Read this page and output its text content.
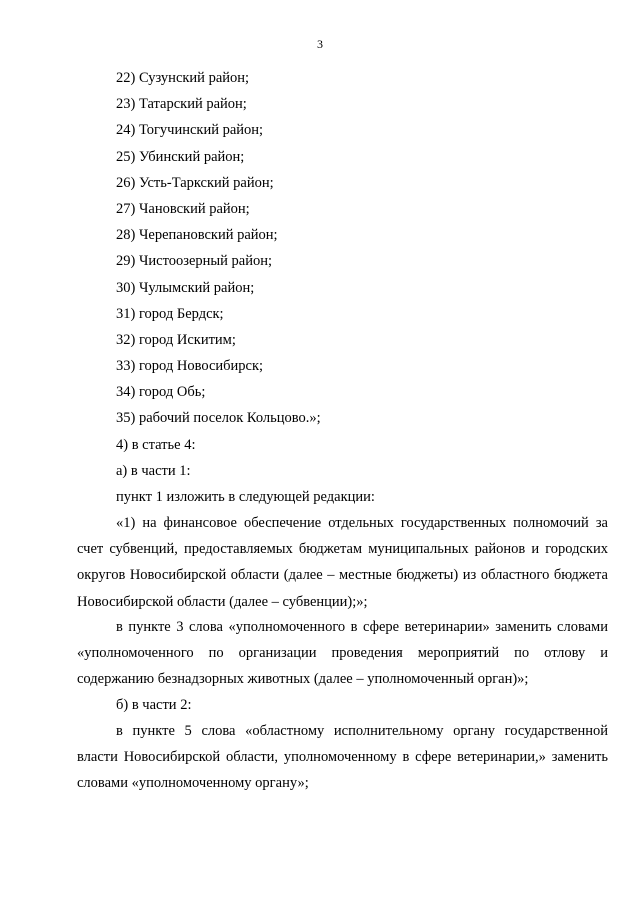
3
22) Сузунский район;
23) Татарский район;
24) Тогучинский район;
25) Убинский район;
26) Усть-Таркский район;
27) Чановский район;
28) Черепановский район;
29) Чистоозерный район;
30) Чулымский район;
31) город Бердск;
32) город Искитим;
33) город Новосибирск;
34) город Обь;
35) рабочий поселок Кольцово.»;

4) в статье 4:

а) в части 1:

пункт 1 изложить в следующей редакции:

«1) на финансовое обеспечение отдельных государственных полномочий за счет субвенций, предоставляемых бюджетам муниципальных районов и городских округов Новосибирской области (далее – местные бюджеты) из областного бюджета Новосибирской области (далее – субвенции);»;

в пункте 3 слова «уполномоченного в сфере ветеринарии» заменить словами «уполномоченного по организации проведения мероприятий по отлову и содержанию безнадзорных животных (далее – уполномоченный орган)»;

б) в части 2:

в пункте 5 слова «областному исполнительному органу государственной власти Новосибирской области, уполномоченному в сфере ветеринарии,» заменить словами «уполномоченному органу»;
